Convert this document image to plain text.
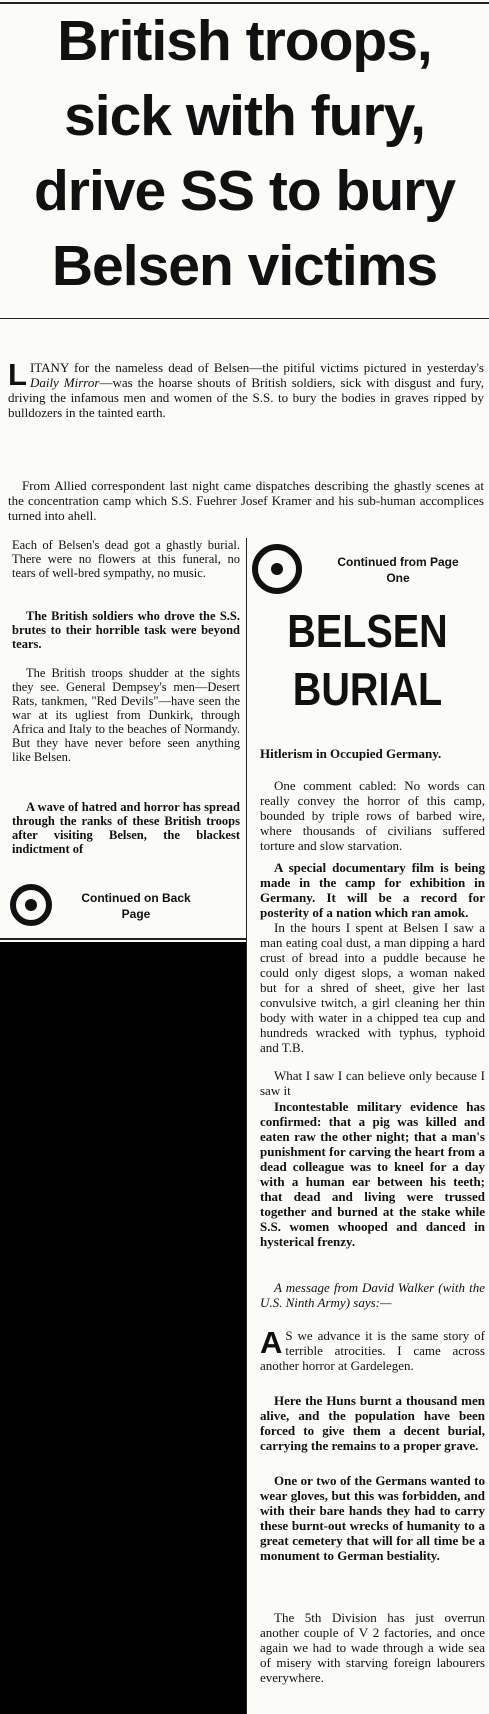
British troops,
sick with fury,
drive SS to bury
Belsen victims
LITANY for the nameless dead of Belsen—the pitiful victims pictured in yesterday's Daily Mirror—was the hoarse shouts of British soldiers, sick with disgust and fury, driving the infamous men and women of the S.S. to bury the bodies in graves ripped by bulldozers in the tainted earth.
From Allied correspondent last night came dispatches describing the ghastly scenes at the concentration camp which S.S. Fuehrer Josef Kramer and his sub-human accomplices turned into ahell.
Each of Belsen's dead got a ghastly burial. There were no flowers at this funeral, no tears of well-bred sympathy, no music.
The British soldiers who drove the S.S. brutes to their horrible task were beyond tears.
The British troops shudder at the sights they see. General Dempsey's men—Desert Rats, tankmen, "Red Devils"—have seen the war at its ugliest from Dunkirk, through Africa and Italy to the beaches of Normandy. But they have never before seen anything like Belsen.
A wave of hatred and horror has spread through the ranks of these British troops after visiting Belsen, the blackest indictment of
Continued on Back Page
Continued from Page One
BELSEN
BURIAL
Hitlerism in Occupied Germany.
One comment cabled: No words can really convey the horror of this camp, bounded by triple rows of barbed wire, where thousands of civilians suffered torture and slow starvation.
A special documentary film is being made in the camp for exhibition in Germany. It will be a record for posterity of a nation which ran amok.
In the hours I spent at Belsen I saw a man eating coal dust, a man dipping a hard crust of bread into a puddle because he could only digest slops, a woman naked but for a shred of sheet, give her last convulsive twitch, a girl cleaning her thin body with water in a chipped tea cup and hundreds wracked with typhus, typhoid and T.B.
What I saw I can believe only because I saw it
Incontestable military evidence has confirmed: that a pig was killed and eaten raw the other night; that a man's punishment for carving the heart from a dead colleague was to kneel for a day with a human ear between his teeth; that dead and living were trussed together and burned at the stake while S.S. women whooped and danced in hysterical frenzy.
A message from David Walker (with the U.S. Ninth Army) says:—
A S we advance it is the same story of terrible atrocities. I came across another horror at Gardelegen.
Here the Huns burnt a thousand men alive, and the population have been forced to give them a decent burial, carrying the remains to a proper grave.
One or two of the Germans wanted to wear gloves, but this was forbidden, and with their bare hands they had to carry these burnt-out wrecks of humanity to a great cemetery that will for all time be a monument to German bestiality.
The 5th Division has just overrun another couple of V 2 factories, and once again we had to wade through a wide sea of misery with starving foreign labourers everywhere.
